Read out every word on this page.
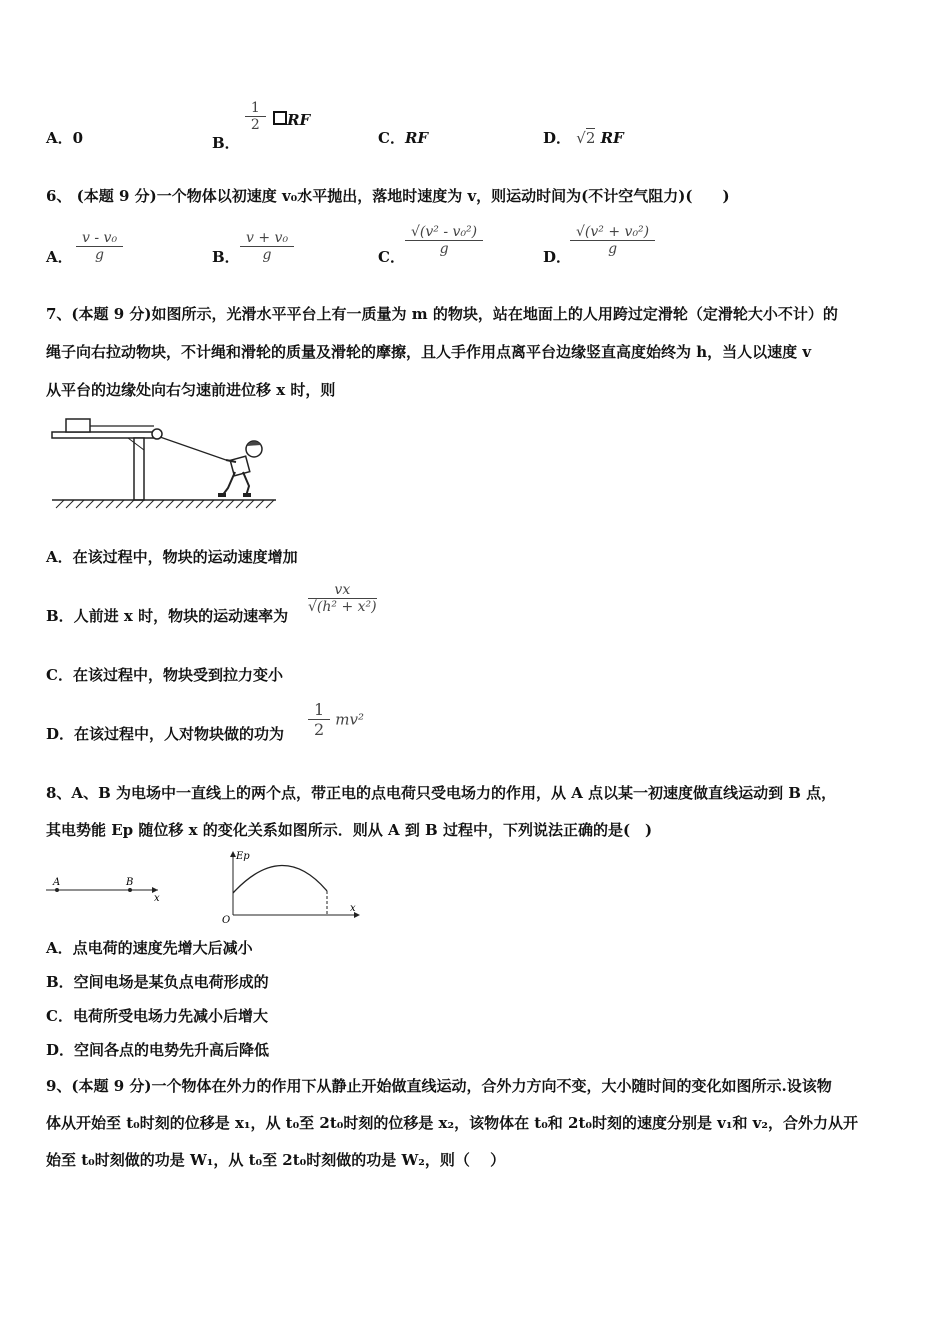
A．0	B．
$\frac{1}{2}$ RF
C．RF	D． √2 RF
6、 (本题 9 分)一个物体以初速度 v₀水平抛出，落地时速度为 v，则运动时间为(不计空气阻力)(　　)
A． $\frac{\text{v - v₀}}{g}$	B． $\frac{\text{v + v₀}}{g}$	C． $\frac{\text{√(v² - v₀²)}}{g}$	D．
$\frac{\text{√(v² + v₀²)}}{g}$
7、(本题 9 分)如图所示，光滑水平平台上有一质量为 m 的物块，站在地面上的人用跨过定滑轮（定滑轮大小不计）的
绳子向右拉动物块，不计绳和滑轮的质量及滑轮的摩擦，且人手作用点离平台边缘竖直高度始终为 h，当人以速度 v
从平台的边缘处向右匀速前进位移 x 时，则
A．在该过程中，物块的运动速度增加
B．人前进 x 时，物块的运动速率为
$\frac{vx}{\text{√(h² + x²)}}$
C．在该过程中，物块受到拉力变小
D．在该过程中，人对物块做的功为 $\frac{1}{2} mv^2$
8、A、B 为电场中一直线上的两个点，带正电的点电荷只受电场力的作用，从 A 点以某一初速度做直线运动到 B 点，
其电势能 Ep 随位移 x 的变化关系如图所示．则从 A 到 B 过程中，下列说法正确的是(　)
A	B
x
Ep
O
x
A．点电荷的速度先增大后减小
B．空间电场是某负点电荷形成的
C．电荷所受电场力先减小后增大
D．空间各点的电势先升高后降低
9、(本题 9 分)一个物体在外力的作用下从静止开始做直线运动，合外力方向不变，大小随时间的变化如图所示.设该物
体从开始至 t₀时刻的位移是 x₁，从 t₀至 2t₀时刻的位移是 x₂，该物体在 t₀和 2t₀时刻的速度分别是 v₁和 v₂，合外力从开
始至 t₀时刻做的功是 W₁，从 t₀至 2t₀时刻做的功是 W₂，则（　 ）
